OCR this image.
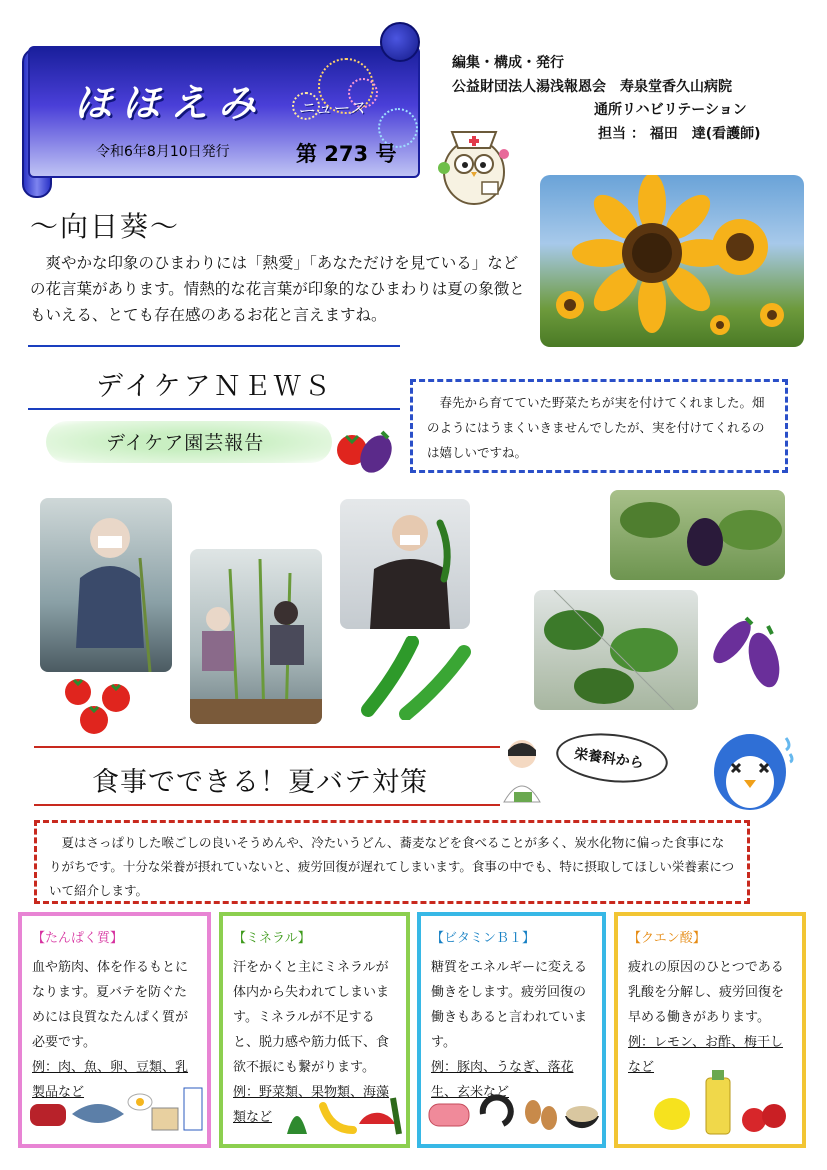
ほほえみ ニュース
令和6年8月10日発行	第 273 号
編集・構成・発行
公益財団法人湯浅報恩会　寿泉堂香久山病院
通所リハビリテーション
担当 ： 福田　達(看護師)
～向日葵～
爽やかな印象のひまわりには「熱愛」「あなただけを見ている」などの花言葉があります。情熱的な花言葉が印象的なひまわりは夏の象徴ともいえる、とても存在感のあるお花と言えますね。
デイケアＮＥＷＳ
デイケア園芸報告

春先から育てていた野菜たちが実を付けてくれました。畑のようにはうまくいきませんでしたが、実を付けてくれるのは嬉しいですね。

食事でできる！夏バテ対策
栄養科から

夏はさっぱりした喉ごしの良いそうめんや、冷たいうどん、蕎麦などを食べることが多く、炭水化物に偏った食事になりがちです。十分な栄養が摂れていないと、疲労回復が遅れてしまいます。食事の中でも、特に摂取してほしい栄養素について紹介します。

【たんぱく質】
血や筋肉、体を作るもとになります。夏バテを防ぐためには良質なたんぱく質が必要です。
例：肉、魚、卵、豆類、乳製品など
【ミネラル】
汗をかくと主にミネラルが体内から失われてしまいます。ミネラルが不足すると、脱力感や筋力低下、食欲不振にも繋がります。
例：野菜類、果物類、海藻類など
【ビタミンＢ１】
糖質をエネルギーに変える働きをします。疲労回復の働きもあると言われています。
例：豚肉、うなぎ、落花生、玄米など
【クエン酸】
疲れの原因のひとつである乳酸を分解し、疲労回復を早める働きがあります。
例：レモン、お酢、梅干しなど
